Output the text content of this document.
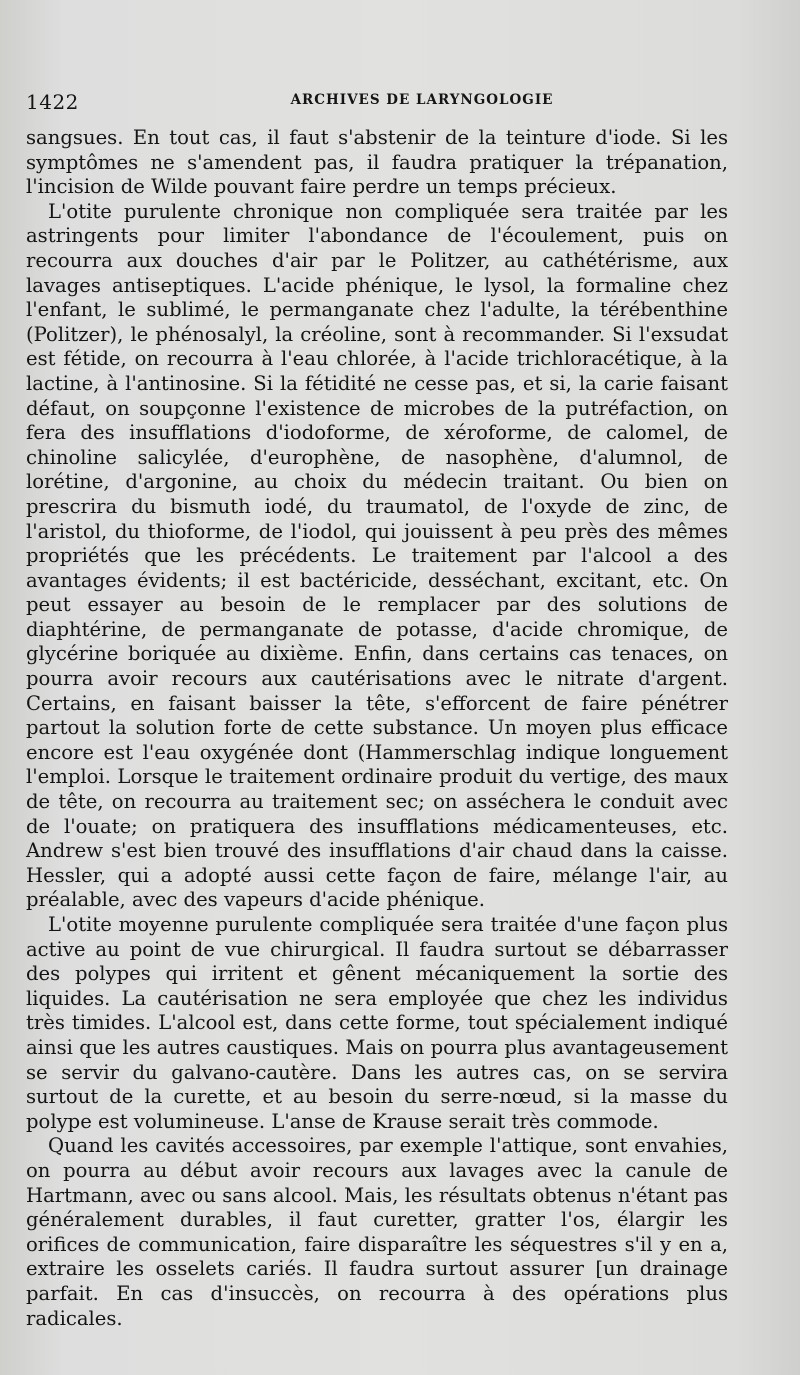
1422	ARCHIVES DE LARYNGOLOGIE

sangsues. En tout cas, il faut s'abstenir de la teinture d'iode. Si les symptômes ne s'amendent pas, il faudra pratiquer la trépanation, l'incision de Wilde pouvant faire perdre un temps précieux.

L'otite purulente chronique non compliquée sera traitée par les astringents pour limiter l'abondance de l'écoulement, puis on recourra aux douches d'air par le Politzer, au cathétérisme, aux lavages antiseptiques. L'acide phénique, le lysol, la formaline chez l'enfant, le sublimé, le permanganate chez l'adulte, la térébenthine (Politzer), le phénosalyl, la créoline, sont à recommander. Si l'exsudat est fétide, on recourra à l'eau chlorée, à l'acide trichloracétique, à la lactine, à l'antinosine. Si la fétidité ne cesse pas, et si, la carie faisant défaut, on soupçonne l'existence de microbes de la putréfaction, on fera des insufflations d'iodoforme, de xéroforme, de calomel, de chinoline salicylée, d'europhène, de nasophène, d'alumnol, de lorétine, d'argonine, au choix du médecin traitant. Ou bien on prescrira du bismuth iodé, du traumatol, de l'oxyde de zinc, de l'aristol, du thioforme, de l'iodol, qui jouissent à peu près des mêmes propriétés que les précédents. Le traitement par l'alcool a des avantages évidents; il est bactéricide, desséchant, excitant, etc. On peut essayer au besoin de le remplacer par des solutions de diaphtérine, de permanganate de potasse, d'acide chromique, de glycérine boriquée au dixième. Enfin, dans certains cas tenaces, on pourra avoir recours aux cautérisations avec le nitrate d'argent. Certains, en faisant baisser la tête, s'efforcent de faire pénétrer partout la solution forte de cette substance. Un moyen plus efficace encore est l'eau oxygénée dont (Hammerschlag indique longuement l'emploi. Lorsque le traitement ordinaire produit du vertige, des maux de tête, on recourra au traitement sec; on asséchera le conduit avec de l'ouate; on pratiquera des insufflations médicamenteuses, etc. Andrew s'est bien trouvé des insufflations d'air chaud dans la caisse. Hessler, qui a adopté aussi cette façon de faire, mélange l'air, au préalable, avec des vapeurs d'acide phénique.

L'otite moyenne purulente compliquée sera traitée d'une façon plus active au point de vue chirurgical. Il faudra surtout se débarrasser des polypes qui irritent et gênent mécaniquement la sortie des liquides. La cautérisation ne sera employée que chez les individus très timides. L'alcool est, dans cette forme, tout spécialement indiqué ainsi que les autres caustiques. Mais on pourra plus avantageusement se servir du galvano-cautère. Dans les autres cas, on se servira surtout de la curette, et au besoin du serre-nœud, si la masse du polype est volumineuse. L'anse de Krause serait très commode.

Quand les cavités accessoires, par exemple l'attique, sont envahies, on pourra au début avoir recours aux lavages avec la canule de Hartmann, avec ou sans alcool. Mais, les résultats obtenus n'étant pas généralement durables, il faut curetter, gratter l'os, élargir les orifices de communication, faire disparaître les séquestres s'il y en a, extraire les osselets cariés. Il faudra surtout assurer [un drainage parfait. En cas d'insuccès, on recourra à des opérations plus radicales.
